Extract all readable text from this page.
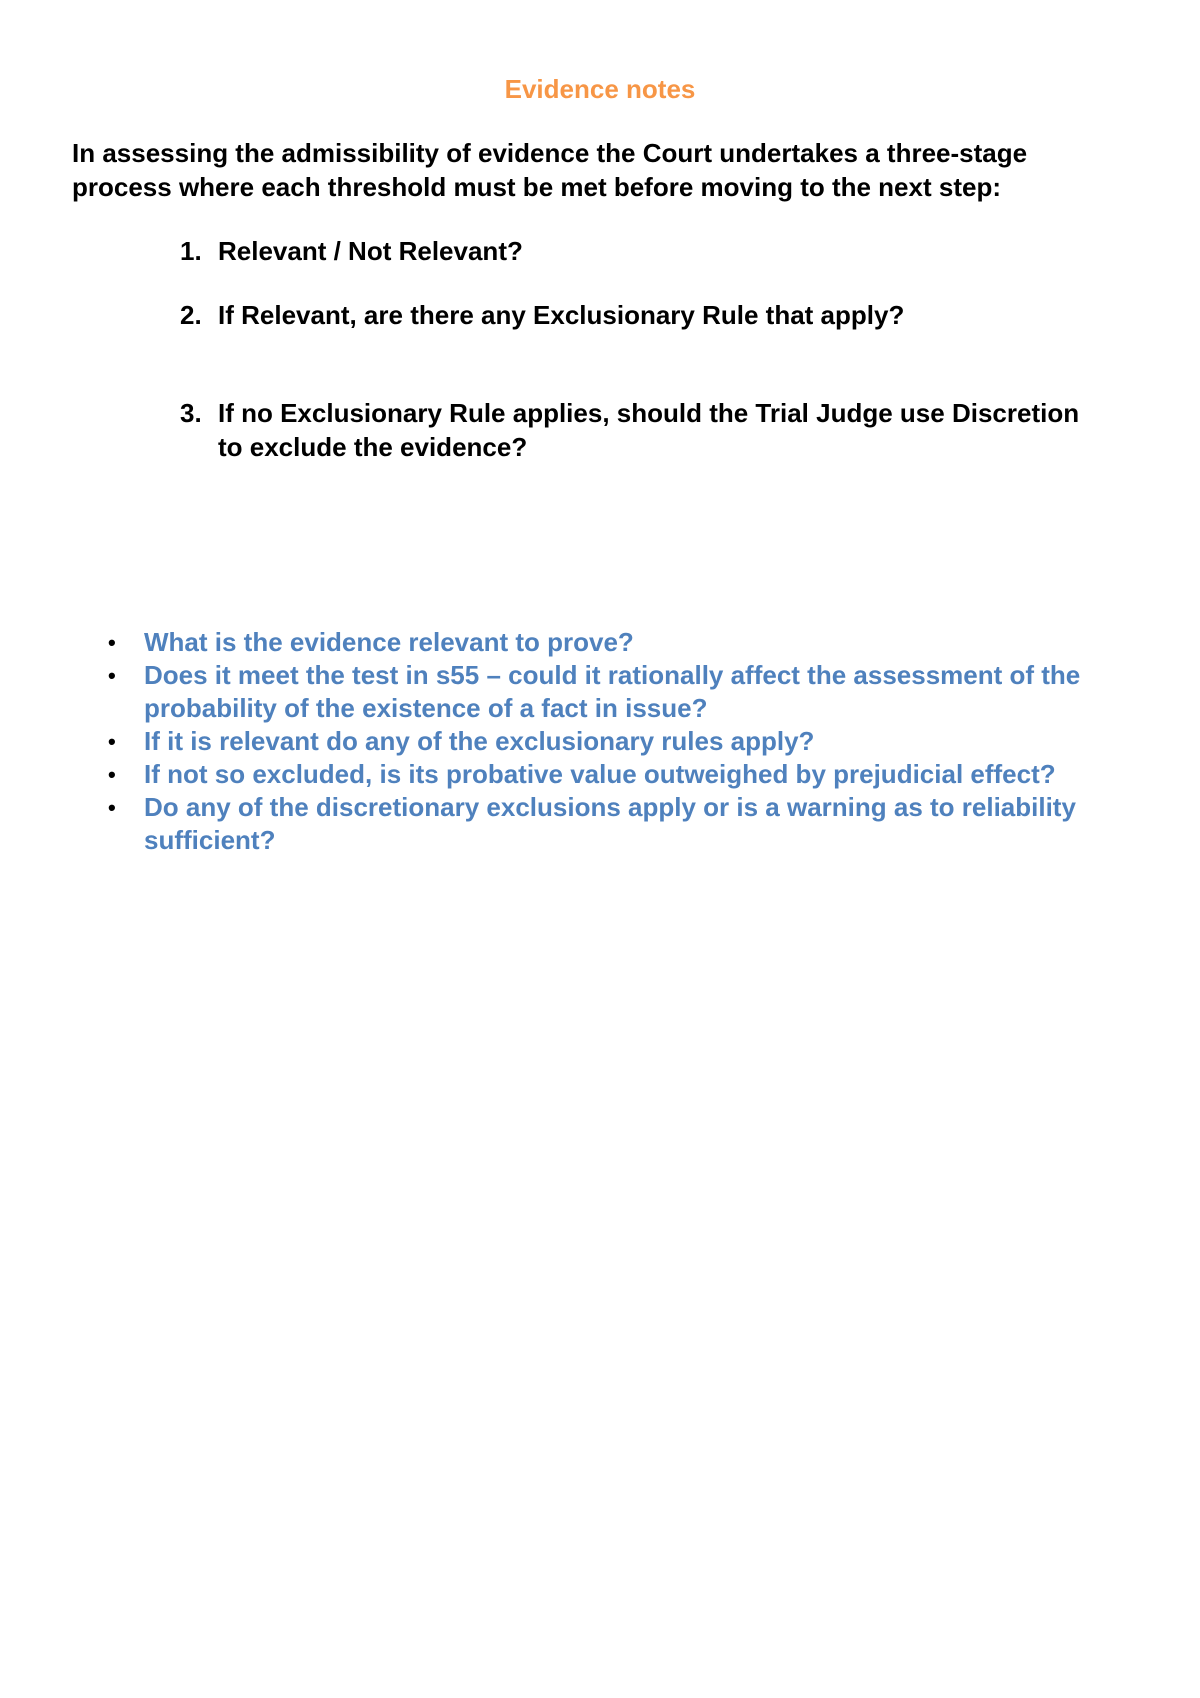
Evidence notes

In assessing the admissibility of evidence the Court undertakes a three-stage process where each threshold must be met before moving to the next step:

1. Relevant / Not Relevant?
2. If Relevant, are there any Exclusionary Rule that apply?
3. If no Exclusionary Rule applies, should the Trial Judge use Discretion to exclude the evidence?
• What is the evidence relevant to prove?
• Does it meet the test in s55 – could it rationally affect the assessment of the probability of the existence of a fact in issue?
• If it is relevant do any of the exclusionary rules apply?
• If not so excluded, is its probative value outweighed by prejudicial effect?
• Do any of the discretionary exclusions apply or is a warning as to reliability sufficient?
